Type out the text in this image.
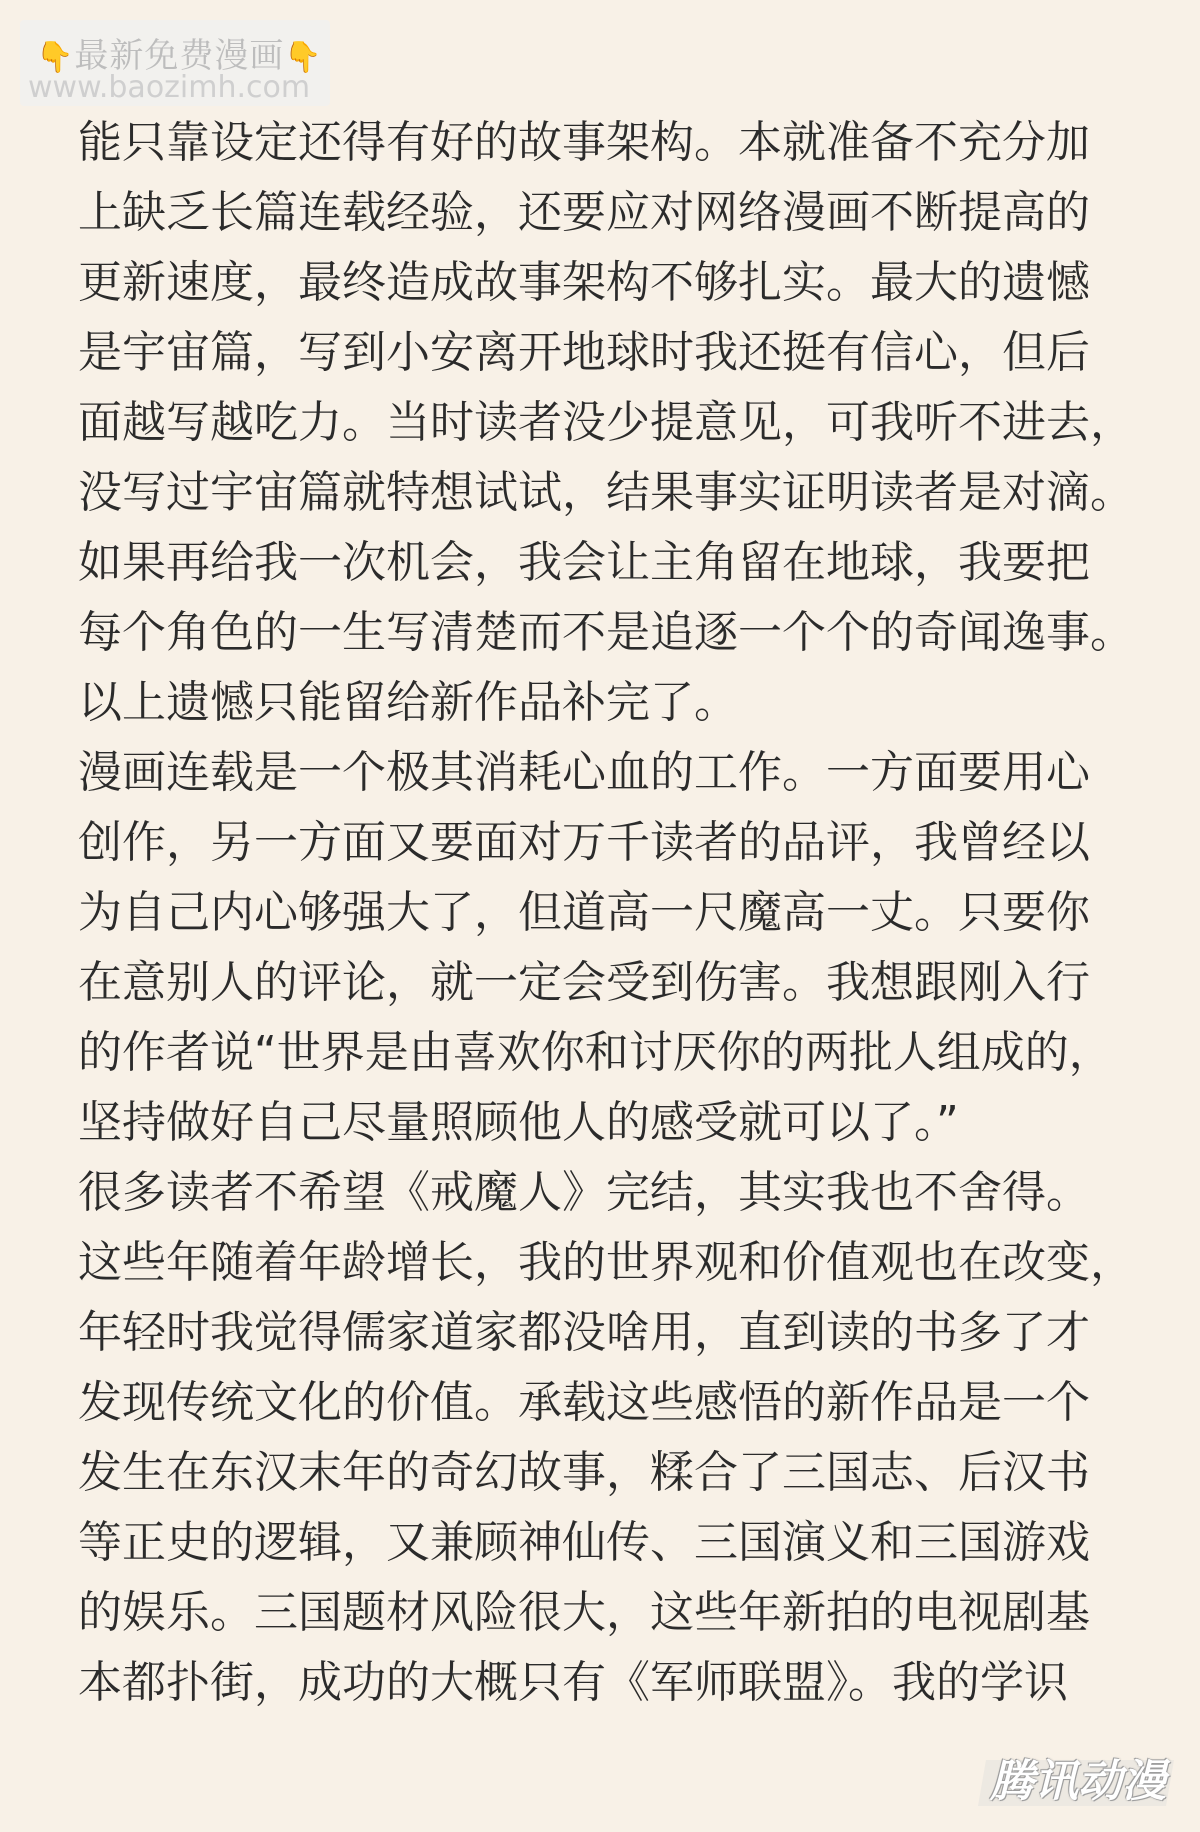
👇最新免费漫画👇
www.baozimh.com
能只靠设定还得有好的故事架构。本就准备不充分加
上缺乏长篇连载经验，还要应对网络漫画不断提高的
更新速度，最终造成故事架构不够扎实。最大的遗憾
是宇宙篇，写到小安离开地球时我还挺有信心，但后
面越写越吃力。当时读者没少提意见，可我听不进去，
没写过宇宙篇就特想试试，结果事实证明读者是对滴。
如果再给我一次机会，我会让主角留在地球，我要把
每个角色的一生写清楚而不是追逐一个个的奇闻逸事。
以上遗憾只能留给新作品补完了。
漫画连载是一个极其消耗心血的工作。一方面要用心
创作，另一方面又要面对万千读者的品评，我曾经以
为自己内心够强大了，但道高一尺魔高一丈。只要你
在意别人的评论，就一定会受到伤害。我想跟刚入行
的作者说“世界是由喜欢你和讨厌你的两批人组成的，
坚持做好自己尽量照顾他人的感受就可以了。”
很多读者不希望《戒魔人》完结，其实我也不舍得。
这些年随着年龄增长，我的世界观和价值观也在改变，
年轻时我觉得儒家道家都没啥用，直到读的书多了才
发现传统文化的价值。承载这些感悟的新作品是一个
发生在东汉末年的奇幻故事，糅合了三国志、后汉书
等正史的逻辑，又兼顾神仙传、三国演义和三国游戏
的娱乐。三国题材风险很大，这些年新拍的电视剧基
本都扑街，成功的大概只有《军师联盟》。我的学识
腾讯动漫
